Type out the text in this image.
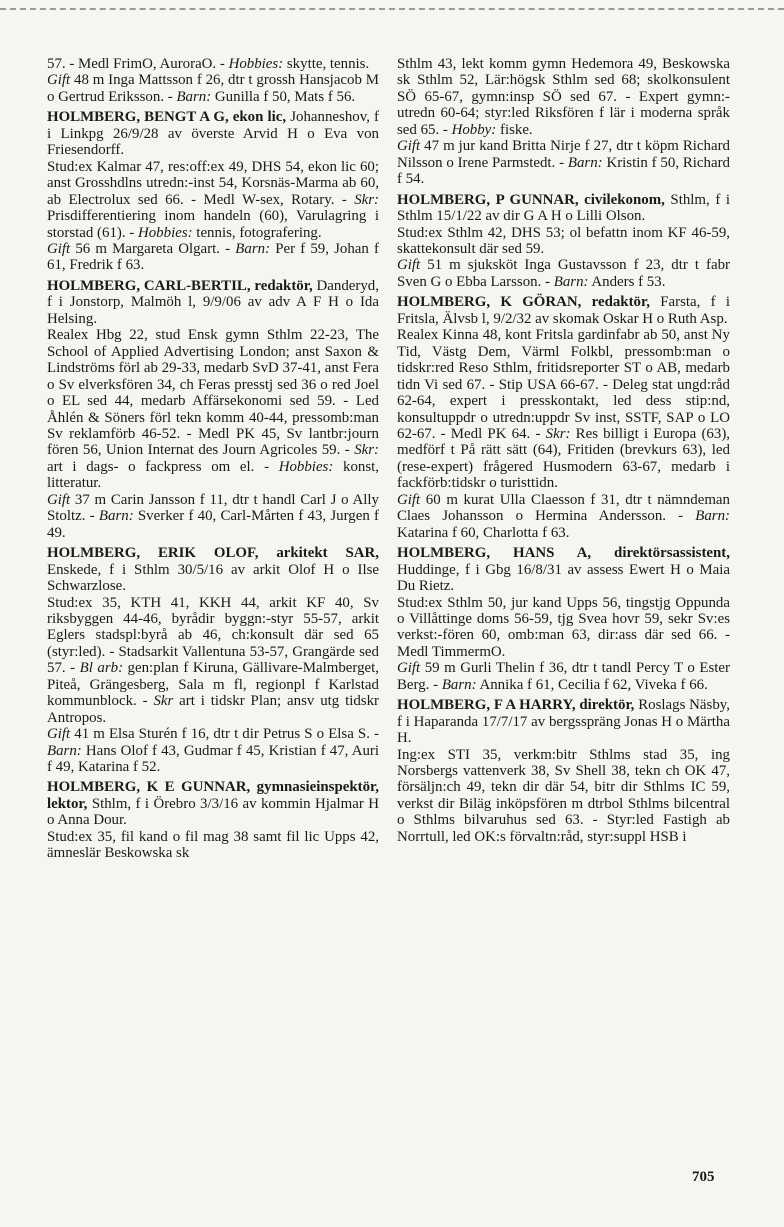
57. - Medl FrimO, AuroraO. - Hobbies: skytte, tennis.

Gift 48 m Inga Mattsson f 26, dtr t grossh Hansjacob M o Gertrud Eriksson. - Barn: Gunilla f 50, Mats f 56.

HOLMBERG, BENGT A G, ekon lic, Johanneshov, f i Linkpg 26/9/28 av överste Arvid H o Eva von Friesendorff.

Stud:ex Kalmar 47, res:off:ex 49, DHS 54, ekon lic 60; anst Grosshdlns utredn:-inst 54, Korsnäs-Marma ab 60, ab Electrolux sed 66. - Medl W-sex, Rotary. - Skr: Prisdifferentiering inom handeln (60), Varulagring i storstad (61). - Hobbies: tennis, fotografering.

Gift 56 m Margareta Olgart. - Barn: Per f 59, Johan f 61, Fredrik f 63.

HOLMBERG, CARL-BERTIL, redaktör, Danderyd, f i Jonstorp, Malmöh l, 9/9/06 av adv A F H o Ida Helsing.

Realex Hbg 22, stud Ensk gymn Sthlm 22-23, The School of Applied Advertising London; anst Saxon & Lindströms förl ab 29-33, medarb SvD 37-41, anst Fera o Sv elverksfören 34, ch Feras presstj sed 36 o red Joel o EL sed 44, medarb Affärsekonomi sed 59. - Led Åhlén & Söners förl tekn komm 40-44, pressomb:man Sv reklamförb 46-52. - Medl PK 45, Sv lantbr:journ fören 56, Union Internat des Journ Agricoles 59. - Skr: art i dags- o fackpress om el. - Hobbies: konst, litteratur.

Gift 37 m Carin Jansson f 11, dtr t handl Carl J o Ally Stoltz. - Barn: Sverker f 40, Carl-Mårten f 43, Jurgen f 49.

HOLMBERG, ERIK OLOF, arkitekt SAR, Enskede, f i Sthlm 30/5/16 av arkit Olof H o Ilse Schwarzlose.

Stud:ex 35, KTH 41, KKH 44, arkit KF 40, Sv riksbyggen 44-46, byrådir byggn:-styr 55-57, arkit Eglers stadspl:byrå ab 46, ch:konsult där sed 65 (styr:led). - Stadsarkit Vallentuna 53-57, Grangärde sed 57. - Bl arb: gen:plan f Kiruna, Gällivare-Malmberget, Piteå, Grängesberg, Sala m fl, regionpl f Karlstad kommunblock. - Skr art i tidskr Plan; ansv utg tidskr Antropos.

Gift 41 m Elsa Sturén f 16, dtr t dir Petrus S o Elsa S. - Barn: Hans Olof f 43, Gudmar f 45, Kristian f 47, Auri f 49, Katarina f 52.

HOLMBERG, K E GUNNAR, gymnasieinspektör, lektor, Sthlm, f i Örebro 3/3/16 av kommin Hjalmar H o Anna Dour.

Stud:ex 35, fil kand o fil mag 38 samt fil lic Upps 42, ämneslär Beskowska sk

Sthlm 43, lekt komm gymn Hedemora 49, Beskowska sk Sthlm 52, Lär:högsk Sthlm sed 68; skolkonsulent SÖ 65-67, gymn:insp SÖ sed 67. - Expert gymn:-utredn 60-64; styr:led Riksfören f lär i moderna språk sed 65. - Hobby: fiske.

Gift 47 m jur kand Britta Nirje f 27, dtr t köpm Richard Nilsson o Irene Parmstedt. - Barn: Kristin f 50, Richard f 54.

HOLMBERG, P GUNNAR, civilekonom, Sthlm, f i Sthlm 15/1/22 av dir G A H o Lilli Olson.

Stud:ex Sthlm 42, DHS 53; ol befattn inom KF 46-59, skattekonsult där sed 59.

Gift 51 m sjuksköt Inga Gustavsson f 23, dtr t fabr Sven G o Ebba Larsson. - Barn: Anders f 53.

HOLMBERG, K GÖRAN, redaktör, Farsta, f i Fritsla, Älvsb l, 9/2/32 av skomak Oskar H o Ruth Asp.

Realex Kinna 48, kont Fritsla gardinfabr ab 50, anst Ny Tid, Västg Dem, Värml Folkbl, pressomb:man o tidskr:red Reso Sthlm, fritidsreporter ST o AB, medarb tidn Vi sed 67. - Stip USA 66-67. - Deleg stat ungd:råd 62-64, expert i presskontakt, led dess stip:nd, konsultuppdr o utredn:uppdr Sv inst, SSTF, SAP o LO 62-67. - Medl PK 64. - Skr: Res billigt i Europa (63), medförf t På rätt sätt (64), Fritiden (brevkurs 63), led (rese-expert) frågered Husmodern 63-67, medarb i fackförb:tidskr o turisttidn.

Gift 60 m kurat Ulla Claesson f 31, dtr t nämndeman Claes Johansson o Hermina Andersson. - Barn: Katarina f 60, Charlotta f 63.

HOLMBERG, HANS A, direktörsassistent, Huddinge, f i Gbg 16/8/31 av assess Ewert H o Maia Du Rietz.

Stud:ex Sthlm 50, jur kand Upps 56, tingstjg Oppunda o Villåttinge doms 56-59, tjg Svea hovr 59, sekr Sv:es verkst:-fören 60, omb:man 63, dir:ass där sed 66. - Medl TimmermO.

Gift 59 m Gurli Thelin f 36, dtr t tandl Percy T o Ester Berg. - Barn: Annika f 61, Cecilia f 62, Viveka f 66.

HOLMBERG, F A HARRY, direktör, Roslags Näsby, f i Haparanda 17/7/17 av bergsspräng Jonas H o Märtha H.

Ing:ex STI 35, verkm:bitr Sthlms stad 35, ing Norsbergs vattenverk 38, Sv Shell 38, tekn ch OK 47, försäljn:ch 49, tekn dir där 54, bitr dir Sthlms IC 59, verkst dir Biläg inköpsfören m dtrbol Sthlms bilcentral o Sthlms bilvaruhus sed 63. - Styr:led Fastigh ab Norrtull, led OK:s förvaltn:råd, styr:suppl HSB i

705
